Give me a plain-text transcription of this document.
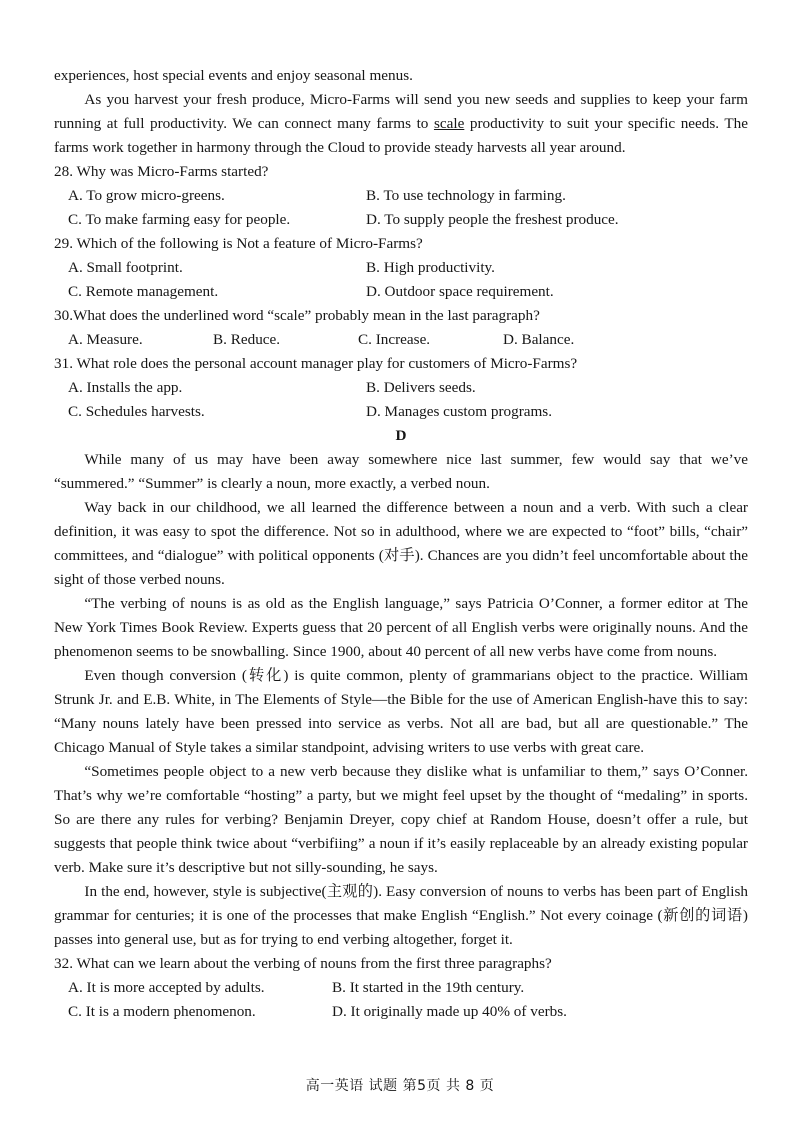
experiences, host special events and enjoy seasonal menus.

As you harvest your fresh produce, Micro-Farms will send you new seeds and supplies to keep your farm running at full productivity. We can connect many farms to scale productivity to suit your specific needs. The farms work together in harmony through the Cloud to provide steady harvests all year around.

28. Why was Micro-Farms started?
A. To grow micro-greens.	B. To use technology in farming.
C. To make farming easy for people.	D. To supply people the freshest produce.
29. Which of the following is Not a feature of Micro-Farms?
A. Small footprint.	B. High productivity.
C. Remote management.	D. Outdoor space requirement.
30.What does the underlined word “scale” probably mean in the last paragraph?
A. Measure.	B. Reduce.	C. Increase.	D. Balance.
31. What role does the personal account manager play for customers of Micro-Farms?
A. Installs the app.	B. Delivers seeds.
C. Schedules harvests.	D. Manages custom programs.
D

While many of us may have been away somewhere nice last summer, few would say that we’ve “summered.” “Summer” is clearly a noun, more exactly, a verbed noun.

Way back in our childhood, we all learned the difference between a noun and a verb. With such a clear definition, it was easy to spot the difference. Not so in adulthood, where we are expected to “foot” bills, “chair” committees, and “dialogue” with political opponents (对手). Chances are you didn’t feel uncomfortable about the sight of those verbed nouns.

“The verbing of nouns is as old as the English language,” says Patricia O’Conner, a former editor at The New York Times Book Review. Experts guess that 20 percent of all English verbs were originally nouns. And the phenomenon seems to be snowballing. Since 1900, about 40 percent of all new verbs have come from nouns.

Even though conversion (转化) is quite common, plenty of grammarians object to the practice. William Strunk Jr. and E.B. White, in The Elements of Style—the Bible for the use of American English-have this to say: “Many nouns lately have been pressed into service as verbs. Not all are bad, but all are questionable.” The Chicago Manual of Style takes a similar standpoint, advising writers to use verbs with great care.

“Sometimes people object to a new verb because they dislike what is unfamiliar to them,” says O’Conner. That’s why we’re comfortable “hosting” a party, but we might feel upset by the thought of “medaling” in sports. So are there any rules for verbing? Benjamin Dreyer, copy chief at Random House, doesn’t offer a rule, but suggests that people think twice about “verbifiing” a noun if it’s easily replaceable by an already existing popular verb. Make sure it’s descriptive but not silly-sounding, he says.

In the end, however, style is subjective(主观的). Easy conversion of nouns to verbs has been part of English grammar for centuries; it is one of the processes that make English “English.” Not every coinage (新创的词语) passes into general use, but as for trying to end verbing altogether, forget it.

32. What can we learn about the verbing of nouns from the first three paragraphs?
A. It is more accepted by adults.	B. It started in the 19th century.
C. It is a modern phenomenon.	D. It originally made up 40% of verbs.
高一英语 试题 第5页 共 8 页
